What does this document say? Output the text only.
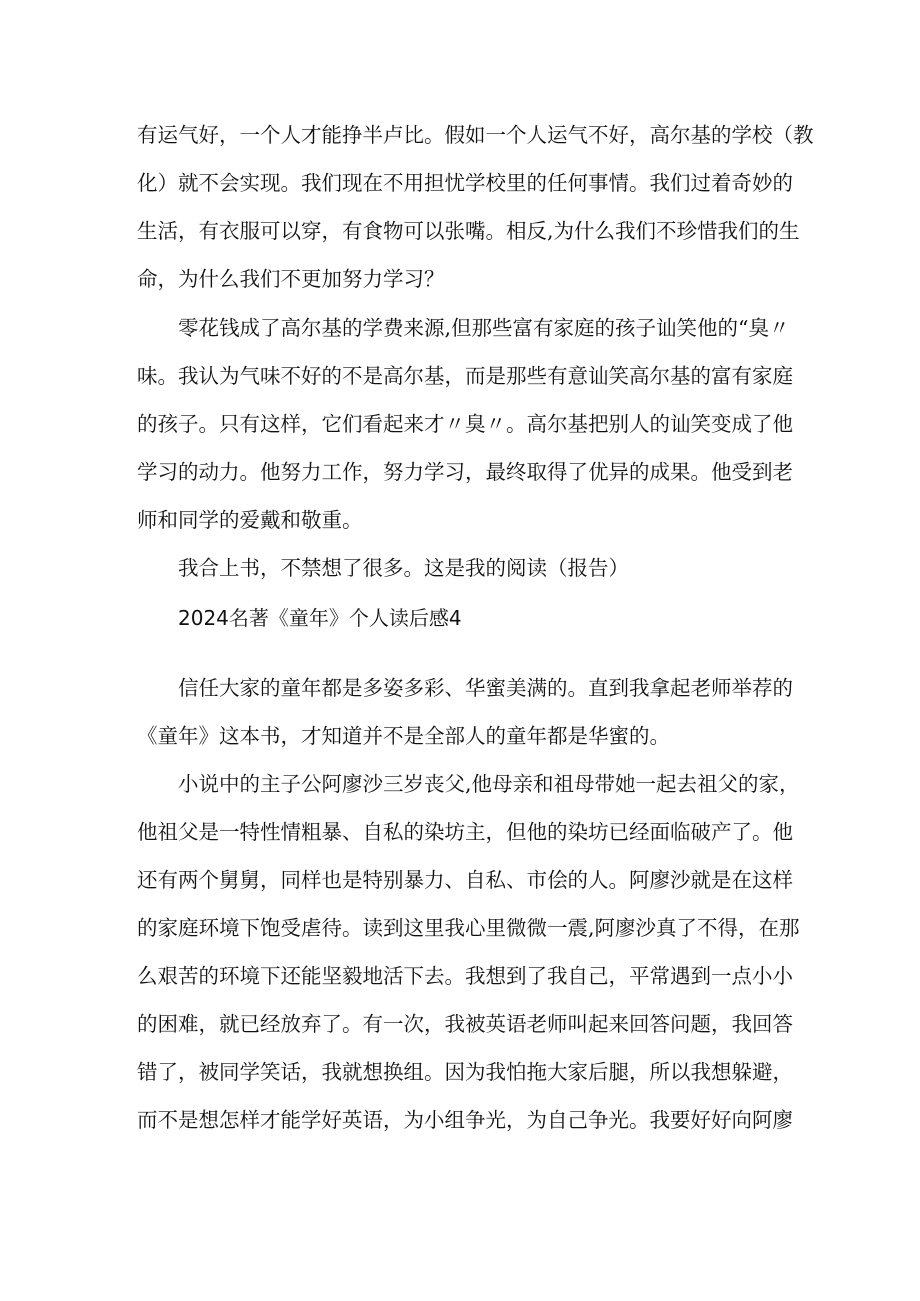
有运气好，一个人才能挣半卢比。假如一个人运气不好，高尔基的学校（教
化）就不会实现。我们现在不用担忧学校里的任何事情。我们过着奇妙的
生活，有衣服可以穿，有食物可以张嘴。相反,为什么我们不珍惜我们的生
命，为什么我们不更加努力学习？
零花钱成了高尔基的学费来源,但那些富有家庭的孩子讪笑他的“臭〃
味。我认为气味不好的不是高尔基，而是那些有意讪笑高尔基的富有家庭
的孩子。只有这样，它们看起来才〃臭〃。高尔基把别人的讪笑变成了他
学习的动力。他努力工作，努力学习，最终取得了优异的成果。他受到老
师和同学的爱戴和敬重。
我合上书，不禁想了很多。这是我的阅读（报告）
2024名著《童年》个人读后感4
信任大家的童年都是多姿多彩、华蜜美满的。直到我拿起老师举荐的
《童年》这本书，才知道并不是全部人的童年都是华蜜的。
小说中的主子公阿廖沙三岁丧父,他母亲和祖母带她一起去祖父的家，
他祖父是一特性情粗暴、自私的染坊主，但他的染坊已经面临破产了。他
还有两个舅舅，同样也是特别暴力、自私、市侩的人。阿廖沙就是在这样
的家庭环境下饱受虐待。读到这里我心里微微一震,阿廖沙真了不得，在那
么艰苦的环境下还能坚毅地活下去。我想到了我自己，平常遇到一点小小
的困难，就已经放弃了。有一次，我被英语老师叫起来回答问题，我回答
错了，被同学笑话，我就想换组。因为我怕拖大家后腿，所以我想躲避，
而不是想怎样才能学好英语，为小组争光，为自己争光。我要好好向阿廖
